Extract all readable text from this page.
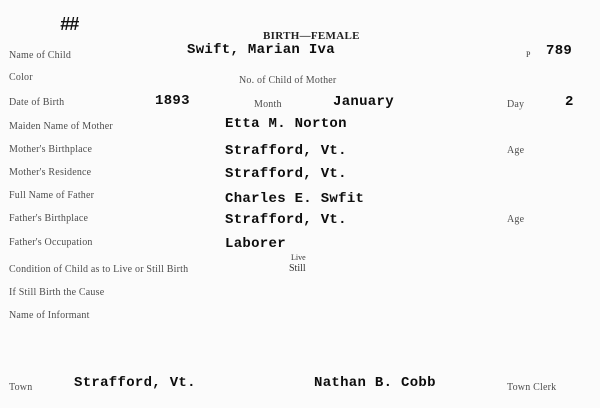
##
BIRTH—FEMALE
Name of Child	Swift, Marian Iva	P 789
Color	No. of Child of Mother
Date of Birth	1893	Month	January	Day	2
Maiden Name of Mother	Etta M. Norton
Mother's Birthplace	Strafford, Vt.	Age
Mother's Residence	Strafford, Vt.
Full Name of Father	Charles E. Swfit
Father's Birthplace	Strafford, Vt.	Age
Father's Occupation	Laborer
Condition of Child as to Live or Still Birth
Live
Still
If Still Birth the Cause
Name of Informant
Town	Strafford, Vt.	Nathan B. Cobb	Town Clerk
